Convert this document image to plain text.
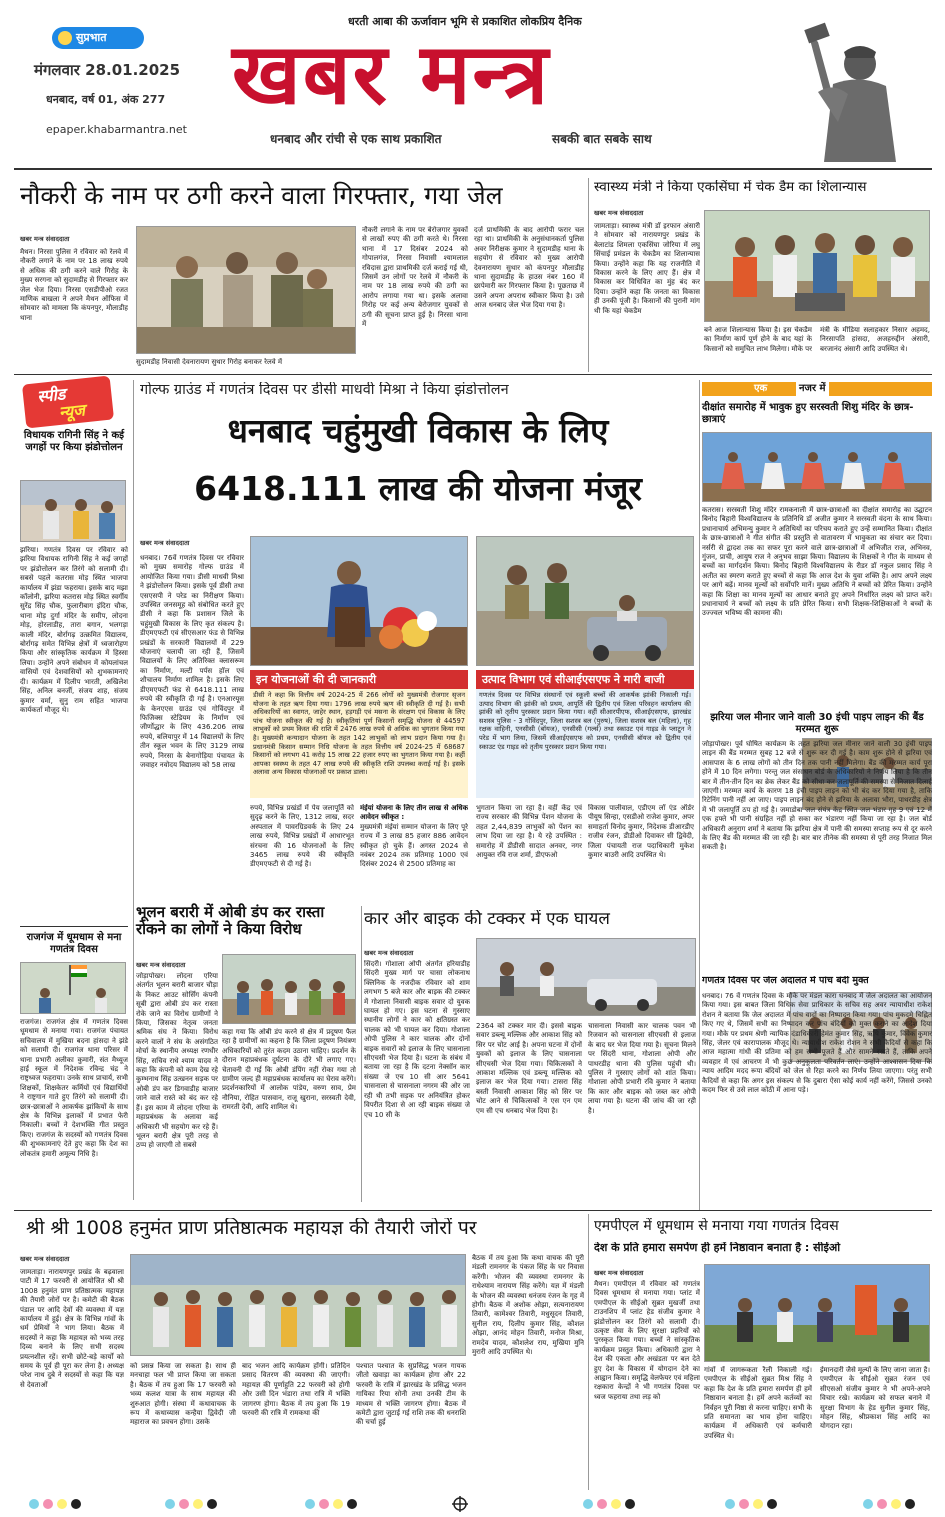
सुप्रभात
मंगलवार 28.01.2025
धनबाद, वर्ष 01, अंक 277
epaper.khabarmantra.net
धरती आबा की ऊर्जावान भूमि से प्रकाशित लोकप्रिय दैनिक
खबर मन्त्र
धनबाद और रांची से एक साथ प्रकाशित	सबकी बात सबके साथ
नौकरी के नाम पर ठगी करने वाला गिरफ्तार, गया जेल
खबर मन्त्र संवाददाता
मैथन। निरसा पुलिस ने रविवार को रेलवे में नौकरी लगाने के नाम पर 18 लाख रुपये से अधिक की ठगी करने वाले गिरोह के मुख्य सरगना को सुदामडीह से गिरफ्तार कर जेल भेज दिया। निरसा एसडीपीओ रजत माणिक बाखला ने अपने मैथन ऑफिस में सोमवार को मामला कि कंपनपुर, मौलाडीह थाना
सुदामडीह निवासी देवनारायण सुथार गिरोह बनाकर रेलवे में
नौकरी लगाने के नाम पर बेरोजगार युवकों से लाखों रुपए की ठगी करते थे। निरसा थाना में 17 दिसंबर 2024 को गोपालगंज, निरसा निवासी श्यामलाल रविदास द्वारा प्राथमिकी दर्ज कराई गई थी, जिसमें उन लोगों पर रेलवे में नौकरी के नाम पर 18 लाख रुपये की ठगी का आरोप लगाया गया था। इसके अलावा गिरोह पर कई अन्य बेरोजगार युवकों से ठगी की सूचना प्राप्त हुई है। निरसा थाना में
दर्ज प्राथमिकी के बाद आरोपी फरार चल रहा था। प्राथमिकी के अनुसंधानकर्ता पुलिस अवर निरीक्षक कुमार ने सुदामडीह थाना के सहयोग से रविवार को मुख्य आरोपी देवनारायण सुथार को कंपनपुर मौलाडीह थाना सुदामडीह के हाउस नंबर 160 में छापेमारी कर गिरफ्तार किया है। पूछताछ में उसने अपना अपराध स्वीकार किया है। उसे आज धनबाद जेल भेज दिया गया है।
स्वास्थ्य मंत्री ने किया एकसिंघा में चेक डैम का शिलान्यास
खबर मन्त्र संवाददाता
जामताड़ा। स्वास्थ्य मंत्री डॉ इरफान अंसारी ने सोमवार को नारायणपुर प्रखंड के बेलाटांड शिमला एकसिंघा जोरिया में लघु सिंचाई प्रमंडल के चेकडैम का शिलान्यास किया। उन्होंने कहा कि यह राजनीति में विकास करने के लिए आए हैं। क्षेत्र में विकास कर विधिवित का मुंह बंद कर दिया। उन्होंने कहा कि जनता का विकास ही उनकी पूंजी है। किसानों की पुरानी मांग थी कि यहां चेकडैम
बने आज शिलान्यास किया है। इस चेकडैम का निर्माण कार्य पूर्ण होने के बाद यहां के किसानों को समुचित लाभ मिलेगा। मौके पर
मंत्री के मीडिया सलाहकार निसार अहमद, निरसापति हांसदा, अजहरुद्दीन अंसारी, बरजानंद अंसारी आदि उपस्थित थे।
स्पीड
न्यूज
विधायक रागिनी सिंह ने कई जगहों पर किया झंडोत्तोलन
झरिया। गणतंत्र दिवस पर रविवार को झरिया विधायक रागिनी सिंह ने कई जगहों पर झंडोत्तोलन कर तिरंगे को सलामी दी। सबसे पहले कतरास मोड़ स्थित भाजपा कार्यालय में झंडा फहराया। इसके बाद मझा कॉलोनी, झरिया कतरास मोड़ स्थित स्वर्गीय सुरेंद्र सिंह चौक, फुलारीबाग इंदिरा चौक, थाना मोड़ दुर्गा मंदिर के समीप, लोदना मोड़, होरलाडीह, तारा बगान, भलगड़ा काली मंदिर, बोर्रागढ़ उत्क्रमित विद्यालय, बोर्रागढ़ समेत विभिन्न क्षेत्रों में ध्वजारोहण किया और सांस्कृतिक कार्यक्रम में हिस्सा लिया। उन्होंने अपने संबोधन में कोयलांचल वासियों एवं देशवासियों को शुभकामनाएं दी। कार्यक्रम में दिलीप भारती, अखिलेश सिंह, अनिल बनर्जी, संजय शाह, संजय कुमार वर्मा, सुनु राम सहित भाजपा कार्यकर्ता मौजूद थे।
राजगंज में धूमधाम से मना गणतंत्र दिवस
राजगंज। राजगंज क्षेत्र में गणतंत्र दिवस धूमधाम से मनाया गया। राजगंज पंचायत सचिवालय में मुखिया बदना हांसदा ने झंडे को सलामी दी। राजगंज थाना परिसर में थाना प्रभारी अलीका कुमारी, संत मैथ्यूज हाई स्कूल में निदेशक रविन्द्र चंद्र ने राष्ट्रध्वज फहराया। उनके साथ प्राचार्य, सभी शिक्षकों, शिक्षकेतर कर्मियों एवं विद्यार्थियों ने राष्ट्रगान गाते हुए तिरंगे को सलामी दी। छात्र-छात्राओं ने आकर्षक झांकियों के साथ क्षेत्र के विभिन्न इलाकों में प्रभात फेरी निकाली। बच्चों ने देशभक्ति गीत प्रस्तुत किए। राजगंज के सदस्यों को गणतंत्र दिवस की शुभकामनाएं देते हुए कहा कि देश का लोकतंत्र हमारी अमूल्य निधि है।
गोल्फ ग्राउंड में गणतंत्र दिवस पर डीसी माधवी मिश्रा ने किया झंडोत्तोलन
धनबाद चहुंमुखी विकास के लिए
6418.111 लाख की योजना मंजूर
खबर मन्त्र संवाददाता
धनबाद। 76वें गणतंत्र दिवस पर रविवार को मुख्य समारोह गोल्फ ग्राउंड में आयोजित किया गया। डीसी माधवी मिश्रा ने झंडोत्तोलन किया। इसके पूर्व डीसी तथा एसएसपी ने परेड का निरीक्षण किया। उपस्थित जनसमूह को संबोधित करते हुए डीसी ने कहा कि प्रशासन जिले के चहुंमुखी विकास के लिए कृत संकल्प है। डीएमएफटी एवं सीएसआर फंड से विभिन्न प्रखंडों के सरकारी विद्यालयों में 229 योजनाएं चलायी जा रही हैं, जिसमें विद्यालयों के लिए अतिरिक्त क्लासरूम का निर्माण, मल्टी पर्पस हॉल एवं शौचालय निर्माण शामिल है। इसके लिए डीएमएफटी फंड से 6418.111 लाख रुपये की स्वीकृति दी गई है। एनआरयूस के केनएएस ग्राउंड एवं गोविंदपुर में फिजिक्स स्टेडियम के निर्माण एवं जीर्णोद्धार के लिए 436.206 लाख रुपये, बलियापुर में 14 विद्यालयों के लिए तीन स्कूल भवन के लिए 3129 लाख रुपये, निरसा के बेनागोड़िया पंचायत के जवाहर नवोदय विद्यालय को 58 लाख
इन योजनाओं की दी जानकारी
डीसी ने कहा कि वित्तीय वर्ष 2024-25 में 266 लोगों को मुख्यमंत्री रोजगार सृजन योजना के तहत ऋण दिया गया। 1796 लाख रुपये ऋण की स्वीकृति दी गई है। सभी अधिकारियों का स्वागत, जाहेर स्थान, हड़गड़ी एवं मसना के संरक्षण एवं विकास के लिए पांच योजना स्वीकृत की गई है। स्वीकृतियां पूर्ण किसानों समृद्धि योजना से 44597 लाभुकों को प्रथम किस्त की राशि में 2476 लाख रुपये से अधिक का भुगतान किया गया है। मुख्यमंत्री कन्यादान योजना के तहत 142 लाभुकों को लाभ प्रदान किया गया है। प्रधानमंत्री किसान सम्मान निधि योजना के तहत वित्तीय वर्ष 2024-25 में 68687 किसानों को लगभग 41 करोड़ 15 लाख 22 हजार रुपए का भुगतान किया गया है। कहीं आपका स्वस्थ्य के तहत 47 लाख रुपये की स्वीकृति राशि उपलब्ध कराई गई है। इसके अलावा अन्य विकास योजनाओं पर प्रकाश डाला।
उत्पाद विभाग एवं सीआईएसएफ ने मारी बाजी
गणतंत्र दिवस पर विभिन्न संस्थानों एवं स्कूली बच्चों की आकर्षक झांकी निकाली गई। उत्पाद विभाग की झांकी को प्रथम, आपूर्ति की द्वितीय एवं जिला परिवहन कार्यालय की झांकी को तृतीय पुरस्कार प्रदान किया गया। वहीं सीआरपीएफ, सीआईएसएफ, झारखंड सशस्त्र पुलिस - 3 गोविंदपुर, जिला सशस्त्र बल (पुरुष), जिला सशस्त्र बल (महिला), गृह रक्षक वाहिनी, एनसीसी (बॉयज), एनसीसी (गर्ल्स) तथा स्काउट एवं गाइड के प्लाटून ने परेड में भाग लिया, जिसमें सीआईएसएफ को प्रथम, एनसीसी बॉयज को द्वितीय एवं स्काउट एंड गाइड को तृतीय पुरस्कार प्रदान किया गया।
रुपये, विभिन्न प्रखंडों में पेय जलापूर्ति को सुदृढ़ करने के लिए, 1312 लाख, सदर अस्पताल में पावरग्रिडवर्क के लिए 24 लाख रुपये, विभिन्न प्रखंडों में आधारभूत संरचना की 16 योजनाओं के लिए 3465 लाख रुपये की स्वीकृति डीएमएफटी से दी गई है।
मंईयां योजना के लिए तीन लाख से अधिक आवेदन स्वीकृत :
मुख्यमंत्री मंईयां सम्मान योजना के लिए पूरे राज्य में 3 लाख 85 हजार 886 आवेदन स्वीकृत हो चुके हैं। अगस्त 2024 से नवंबर 2024 तक प्रतिमाह 1000 एवं दिसंबर 2024 से 2500 प्रतिमाह का
भुगतान किया जा रहा है। वहीं केंद्र एवं राज्य सरकार की विभिन्न पेंशन योजना के तहत 2,44,839 लाभुकों को पेंशन का लाभ दिया जा रहा है। ये रहे उपस्थित : समारोह में डीडीसी सादात अनवर, नगर आयुक्त रवि राज शर्मा, डीएफओ
विकास पालीवाल, एडीएम लॉ एंड ऑर्डर पीयूष सिन्हा, एसडीओ राजेश कुमार, अपर समाहर्ता विनोद कुमार, निदेशक डीआरडीए राजीव रंजन, डीडीओ दिवाकर सी द्विवेदी, जिला पंचायती राज पदाधिकारी मुकेश कुमार बाउरी आदि उपस्थित थे।
भूलन बरारी में ओबी डंप कर रास्ता रोकने का लोगों ने किया विरोध
खबर मन्त्र संवाददाता
जोड़ापोखर। लोदना एरिया अंतर्गत भूलन बरारी बाजार चौड़ा के निकट आउट सोर्सिंग कंपनी सूबी द्वारा ओबी डंप कर रास्ता रोके जाने का विरोध ग्रामीणों ने किया, जिसका नेतृत्व जनता श्रमिक संघ ने किया। विरोध करने वालों ने संघ के असंगठित मोर्चा के स्थानीय अध्यक्ष रणधीर सिंह, सचिव राधे श्याम यादव ने कहा कि कंपनी को काम देख रहे कुम्भनाथ सिंह उत्खनन सड़क पर ओबी डंप कर डिगवाडीह बाजार जाने वाले रास्ते को बंद कर रहे हैं। इस काम में लोदना एरिया के महाप्रबंधक के अलावा कई अधिकारी भी सहयोग कर रहे हैं। भूलन बरारी क्षेत्र पूरी तरह से ठप्प हो जाएगी तो सबसे
कहा गया कि ओबी डंप करने से क्षेत्र में प्रदूषण फैल रहा है ग्रामीणों का कहना है कि जिला प्रदूषण नियंत्रण अधिकारियों को तुरंत कदम उठाना चाहिए। प्रदर्शन के दौरान महाप्रबंधक दुर्घटना के दौरे भी लगाए गए। चेतावनी दी गई कि ओबी डंपिंग नहीं रोका गया तो ग्रामीण जल्द ही महाप्रबंधक कार्यालय का घेराव करेंगे। प्रदर्शनकारियों में आलोक पांडेय, वरुण साव, प्रेम नौनिया, रोहित पासवान, राजू खुराना, सरस्वती देवी, रामरती देवी, आदि शामिल थे।
कार और बाइक की टक्कर में एक घायल
खबर मन्त्र संवाददाता
सिंदरी। गोशाला ओपी अंतर्गत हरियाडीह सिंदरी मुख्य मार्ग पर चासा लोकनाथ क्लिनिक के नजदीक रविवार को शाम लगभग 5 बजे कार और बाइक की टक्कर में गोशाला निवासी बाइक सवार दो युवक घायल हो गए। इस घटना से गुस्साए स्थानीय लोगों ने कार को क्षतिग्रस्त कर चालक को भी घायल कर दिया। गोशाला ओपी पुलिस ने कार चालक और दोनों बाइक सवारों को इलाज के लिए चासनाला सीएचसी भेज दिया है। घटना के संबंध में बताया जा रहा है कि दटना नेक्सॉन कार संख्या जे एच 10 सी आर 5641 चासनाला से चासनाला नगरम की ओर जा रही थी तभी सड़क पर अनियंत्रित होकर विपरीत दिशा से आ रही बाइक संख्या जे एच 10 सी के
2364 को टक्कर मार दी। इससे बाइक सवार डब्ल्यू मल्लिक और आकाश सिंह को सिर पर चोट आई है। अपना घटना में दोनों युवकों को इलाज के लिए चासनाला सीएचसी भेज दिया गया। चिकित्सकों ने आकाश मल्लिक एवं डब्ल्यू मल्लिक को इलाज कर भेज दिया गया। टासरा सिंह बस्ती निवासी आकाश सिंह को सिर पर चोट आने से चिकित्सकों ने एस एन एम एम सी एच धनबाद भेज दिया है।
चासनाला निवासी कार चालक पवन भी रिजवान को चासनाला सीएचसी से इलाज के बाद घर भेज दिया गया है। सूचना मिलने पर सिंदरी थाना, गोशाला ओपी और पाथरडीह थाना की पुलिस पहुंची थी। पुलिस ने गुस्साए लोगों को शांत किया। गोशाला ओपी प्रभारी रवि कुमार ने बताया कि कार और बाइक को जब्त कर ओपी लाया गया है। घटना की जांच की जा रही है।
एक	नजर में
दीक्षांत समारोह में भावुक हुए सरस्वती शिशु मंदिर के छात्र-छात्राएं
कतरास। सरस्वती शिशु मंदिर रामकनाली में छात्र-छात्राओं का दीक्षांत समारोह का उद्घाटन बिनोद बिहारी विश्वविद्यालय के प्रतिनिधि डॉ अजीत कुमार ने सरस्वती वंदना के साथ किया। प्रधानाचार्य अभिमन्यु कुमार ने अतिथियों का परिचय कराते हुए उन्हें सम्मानित किया। दीक्षांत के छात्र-छात्राओं ने गीत संगीत की प्रस्तुति से वातावरण में भावुकता का संचार कर दिया। नर्सरी से द्वादश तक का सफर पूरा करने वाले छात्र-छात्राओं में अभिजीत राज, अभिनव, गुंजन, प्राची, आयुष राज ने अनुभव साझा किया। विद्यालय के शिक्षकों ने गीत के माध्यम से बच्चों का मार्गदर्शन किया। बिनोद बिहारी विश्वविद्यालय के रीडर डॉ नकुल प्रसाद सिंह ने अतीत का स्मरण कराते हुए बच्चों से कहा कि आज देश के युवा शक्ति है। आप अपने लक्ष्य पर आगे बढ़ें। मानव मूल्यों को सर्वोपरि मानें। मुख्य अतिथि ने बच्चों को प्रेरित किया। उन्होंने कहा कि शिक्षा का मानव मूल्यों का आधार बनाते हुए अपने निर्धारित लक्ष्य को प्राप्त करें। प्रधानाचार्य ने बच्चों को लक्ष्य के प्रति प्रेरित किया। सभी शिक्षक-शिक्षिकाओं ने बच्चों के उज्ज्वल भविष्य की कामना की।
झरिया जल मीनार जाने वाली 30 इंची पाइप लाइन की बैंड मरम्मत शुरू
जोड़ापोखर। पूर्व घोषित कार्यक्रम के तहत झरिया जल मीनार जाने वाली 30 इंची पाइप लाइन की बैंड मरम्मत सुबह 12 बजे से शुरू कर दी गई है। काम शुरू होने से झरिया एवं आसपास के 6 लाख लोगों को तीन दिन तक पानी नहीं मिलेगा। बैंड की मरम्मत कार्य पूरा होने में 10 दिन लगेगा। परन्तु जल संसाधन बोर्ड के अधिकारियों ने निर्णय लिया है कि तीन बार में तीन-तीन दिन का ब्रेक लेकर बैंड को सीधा कर जलापूर्ति की समस्या से निजात दिलाई जाएगी। मरम्मत कार्य के कारण 18 इंची पाइप लाइन को भी बंद कर दिया गया है, ताकि रिटेनिंग पानी नहीं आ जाए। पाइप लाइन बंद होने से झरिया के अलावा भौरा, पाथरडीह क्षेत्र में भी जलापूर्ति ठप हो गई है। जमाडोबा जल संयंत्र केंद्र स्थित जल भंडार गृह 9 एवं 12 में एक हफ्ते भी पानी संग्रहित नहीं हो सका कर भंडारण नहीं किया जा रहा है। जल बोर्ड अधिकारी अनुराग शर्मा ने बताया कि झरिया क्षेत्र में पानी की समस्या सप्ताह रूप से दूर करने के लिए बैंड की मरम्मत की जा रही है। बार बार तीनेक की समस्या से पूरी तरह निजात मिल सकती है।
गणतंत्र दिवस पर जेल अदालत में पांच बंदी मुक्त
धनबाद। 76 वें गणतंत्र दिवस के मौके पर मंडल कारा धनबाद में जेल अदालत का आयोजन किया गया। इस बाबत जिला विधिक सेवा प्राधिकार के सचिव सह अवर न्यायाधीश राकेश रोशन ने बताया कि जेल अदालत में पांच वादों का निष्पादन किया गया। पांच मुकदमे चिह्नित किए गए थे, जिसमें सभी का निष्पादन कर पांच बंदियों को मुक्त कराने का आदेश दिया गया। मौके पर प्रथम श्रेणी न्यायिक दंडाधिकारी हेमंत कुमार सिंह, ऋषि कुमार, विवेक कुमार सिंह, जेलर एवं कारापालक मौजूद थे। न्यायाधीश राकेश रोशन ने सभी कैदियों से कहा कि आज महात्मा गांधी की प्रतिमा को हम सभी पूजते हैं और सामने रखते हैं, ताकि अपने व्यवहार में एवं आचरण में भी कुछ अनुकूलता परिवर्तन लाएं। उन्होंने आश्वासन दिया कि न्याय आदिम मदद रूपा बंदियों को जेल से रिहा करने का निर्णय लिया जाएगा। परंतु सभी कैदियों से कहा कि अगर इस संकल्प से कि दुबारा ऐसा कोई कार्य नहीं करेंगे, जिससे उनको कदम फिर से उसे लाल कोठी में आना पड़े।
श्री श्री 1008 हनुमंत प्राण प्रतिष्ठात्मक महायज्ञ की तैयारी जोरों पर
खबर मन्त्र संवाददाता
जामताड़ा। नारायणपुर प्रखंड के बढ़वाला पाटी में 17 फरवरी से आयोजित श्री श्री 1008 हनुमंत प्राण प्रतिष्ठात्मक महायज्ञ की तैयारी जोरों पर है। कमेटी की बैठक पंडाल पर आदि देवों की व्यवस्था में यज्ञ कार्यालय में हुई। क्षेत्र के विभिन्न गांवों के धर्म प्रेमियों ने भाग लिया। बैठक में सदस्यों ने कहा कि महायज्ञ को भव्य तरह दिव्य बनाने के लिए सभी सदस्य प्रयत्नशील रहें। सभी छोटे-बड़े कार्यों को समय के पूर्व ही पूरा कर लेना है। अध्यक्ष परेश नाथ दुबे ने सदस्यों से कहा कि यज्ञ से देवताओं
को प्रसन्न किया जा सकता है। साथ ही मनचाहा फल भी प्राप्त किया जा सकता है। बैठक में तय हुआ कि 17 फरवरी को भव्य कलश यात्रा के साथ महायज्ञ की शुरुआत होगी। संस्था में कथावाचक के रूप में कथाव्यास कन्हैया द्विवेदी जी महाराज का प्रवचन होगा। उसके
बाद भजन आदि कार्यक्रम होंगी। प्रतिदिन प्रसाद वितरण की व्यवस्था की जाएगी। महायज्ञ की पूर्णाहुति 22 फरवरी को होगी और उसी दिन भंडारा तथा रात्रि में भक्ति जागरण होगा। बैठक में तय हुआ कि 19 फरवरी की रात्रि में रामकथा की
पश्चात पश्चात के सुप्रसिद्ध भजन गायक जीतो खवाड़ा का कार्यक्रम होगा और 22 फरवरी के रात्रि में झारखंड के प्रसिद्ध भजन गायिका रिया सोनी तथा उनकी टीम के माध्यम से भक्ति जागरण होगा। बैठक में कमेटी द्वारा जुटाई गई राशि तक की धनराशि की चर्चा हुई
बैठक में तय हुआ कि कथा वाचक की पूरी मंडली रामनगर के पंकज सिंह के घर निवास करेंगी। भोजन की व्यवस्था रामनगर के राधेश्याम नारायण सिंह करेंगे। यज्ञ में मंडली के भोजन की व्यवस्था धनंजय रंजन के गृह में होगी। बैठक में अशोक ओझा, सत्यनारायण तिवारी, कामेश्वर तिवारी, मधुसूदन तिवारी, सुनील राय, दिलीप कुमार सिंह, कौशल ओझा, आनंद मोहन तिवारी, मनोज मिश्रा, रामदेव यादव, कौशलेश राय, मुखिया मुनि मुरारी आदि उपस्थित थे।
एमपीएल में धूमधाम से मनाया गया गणतंत्र दिवस
देश के प्रति हमारा समर्पण ही हमें निष्ठावान बनाता है : सीईओ
खबर मन्त्र संवाददाता
मैथन। एमपीएल में रविवार को गणतंत्र दिवस धूमधाम से मनाया गया। प्लांट में एमपीएल के सीईओ सुब्रत मुखर्जी तथा टाउनशिप में प्लांट हेड संजीव कुमार ने झंडोत्तोलन कर तिरंगे को सलामी दी। उत्कृष्ट सेवा के लिए सुरक्षा प्रहरियों को पुरस्कृत किया गया। बच्चों ने सांस्कृतिक कार्यक्रम प्रस्तुत किया। अधिकारी द्वारा ने देश की एकता और अखंडता पर बल देते हुए देश के विकास में योगदान देने का आह्वान किया। समृद्धि वेलफेयर एवं महिला रक्षकारा केन्द्रों ने भी गणतंत्र दिवस पर ध्वज फहराया तथा लड़ को
गांवों में जागरूकता रैली निकाली गई। एमपीएल के सीईओ सुब्रत मिश्र सिंह ने कहा कि देश के प्रति हमारा समर्पण ही हमें निष्ठावान बनाता है। हमें अपने कर्तव्यों का निर्वहन पूरी निष्ठा से करना चाहिए। सभी के प्रति समानता का भाव होना चाहिए। कार्यक्रम में अधिकारी एवं कर्मचारी उपस्थित थे।
ईमानदारी जैसे मूल्यों के लिए जाना जाता है। एमपीएल के सीईओ सुब्रत रंजन एवं सीएसओ संजीव कुमार ने भी अपने-अपने विचार रखे। कार्यक्रम को सफल बनाने में सुरक्षा विभाग के हेड सुनील कुमार सिंह, मोहन सिंह, श्रीप्रकाश सिंह आदि का योगदान रहा।
